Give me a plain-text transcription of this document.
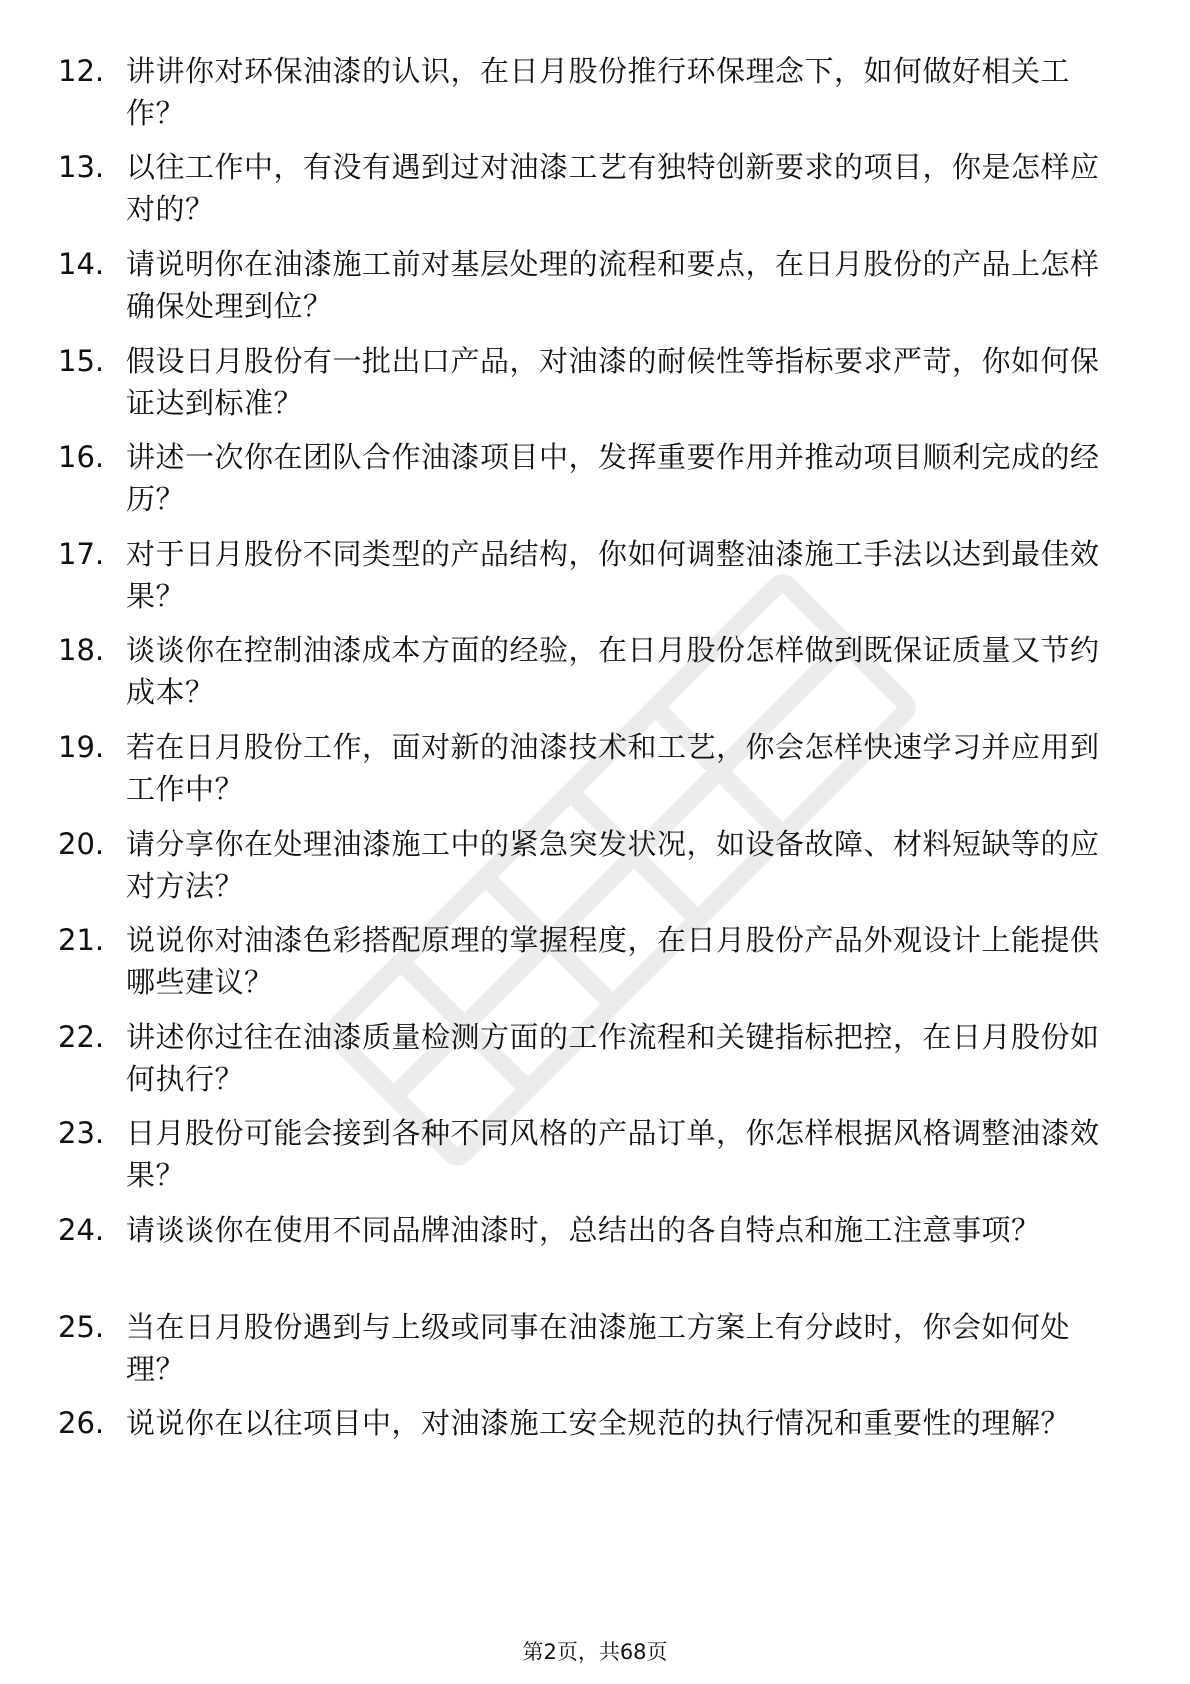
12. 讲讲你对环保油漆的认识，在日月股份推行环保理念下，如何做好相关工作？
13. 以往工作中，有没有遇到过对油漆工艺有独特创新要求的项目，你是怎样应对的？
14. 请说明你在油漆施工前对基层处理的流程和要点，在日月股份的产品上怎样确保处理到位？
15. 假设日月股份有一批出口产品，对油漆的耐候性等指标要求严苛，你如何保证达到标准？
16. 讲述一次你在团队合作油漆项目中，发挥重要作用并推动项目顺利完成的经历？
17. 对于日月股份不同类型的产品结构，你如何调整油漆施工手法以达到最佳效果？
18. 谈谈你在控制油漆成本方面的经验，在日月股份怎样做到既保证质量又节约成本？
19. 若在日月股份工作，面对新的油漆技术和工艺，你会怎样快速学习并应用到工作中？
20. 请分享你在处理油漆施工中的紧急突发状况，如设备故障、材料短缺等的应对方法？
21. 说说你对油漆色彩搭配原理的掌握程度，在日月股份产品外观设计上能提供哪些建议？
22. 讲述你过往在油漆质量检测方面的工作流程和关键指标把控，在日月股份如何执行？
23. 日月股份可能会接到各种不同风格的产品订单，你怎样根据风格调整油漆效果？
24. 请谈谈你在使用不同品牌油漆时，总结出的各自特点和施工注意事项？
25. 当在日月股份遇到与上级或同事在油漆施工方案上有分歧时，你会如何处理？
26. 说说你在以往项目中，对油漆施工安全规范的执行情况和重要性的理解？
第2页，共68页
